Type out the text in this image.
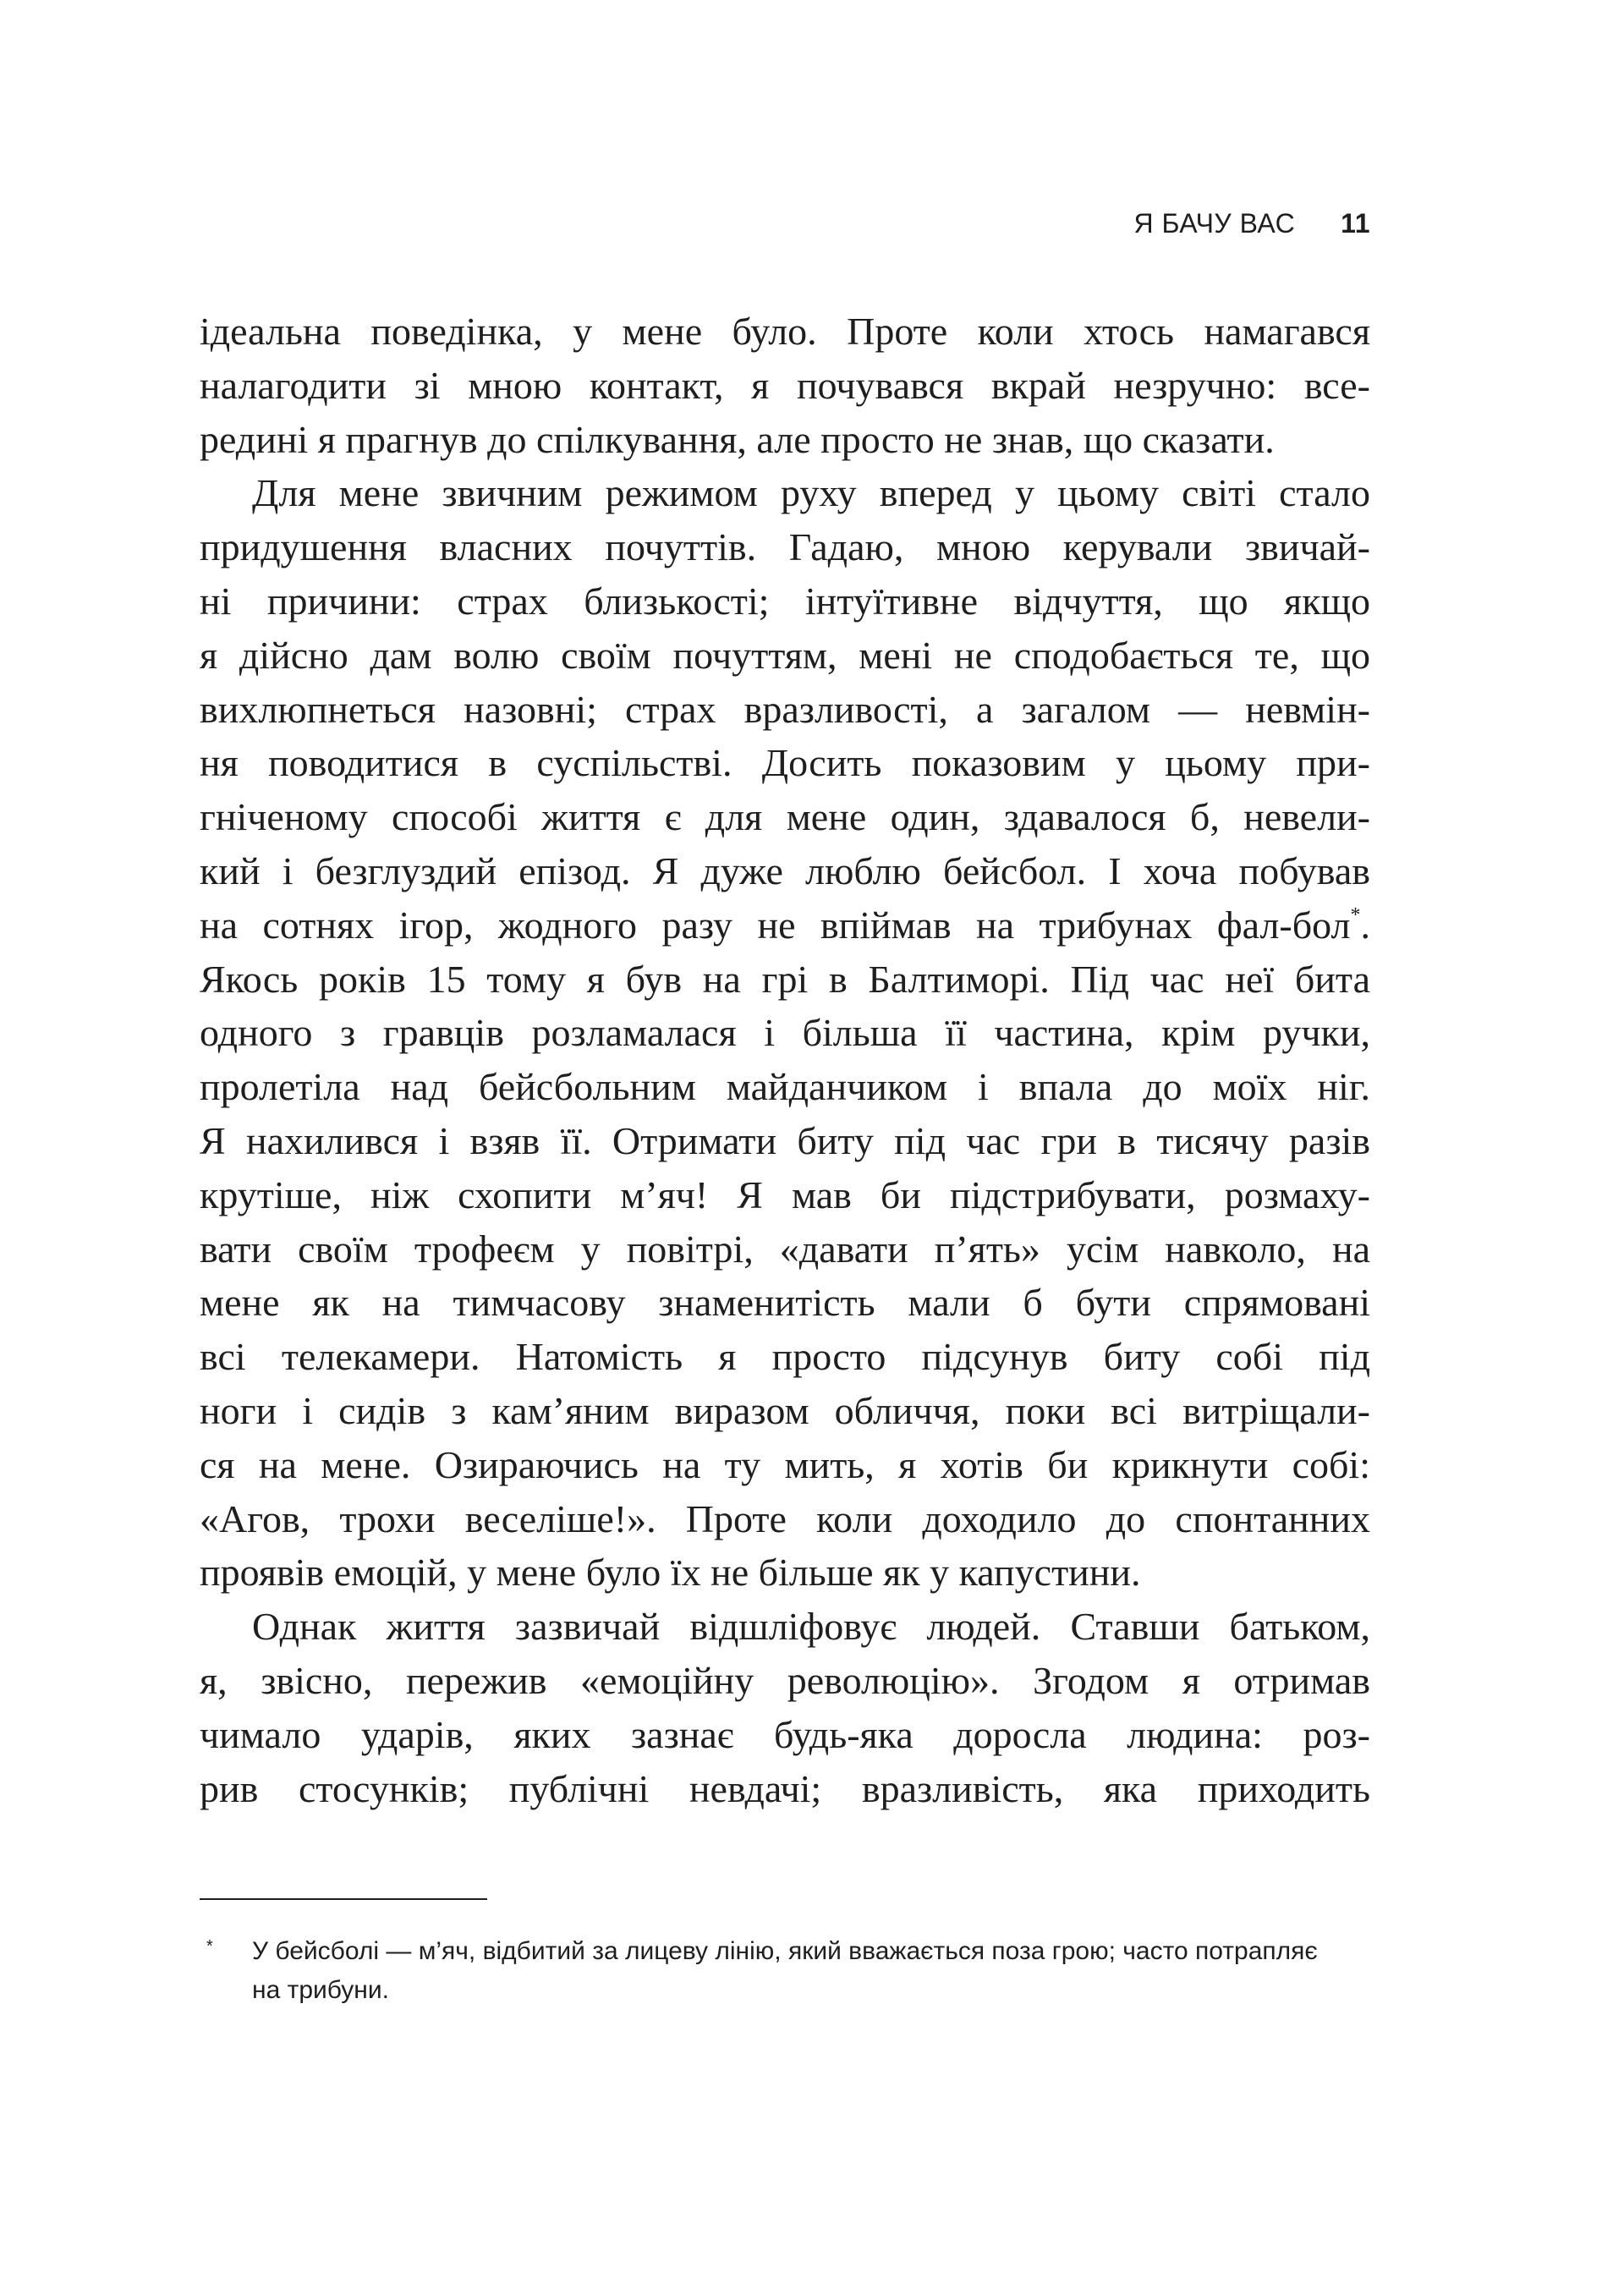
Я БАЧУ ВАС 11

ідеальна поведінка, у мене було. Проте коли хтось намагався
налагодити зі мною контакт, я почувався вкрай незручно: все-
редині я прагнув до спілкування, але просто не знав, що сказати.

Для мене звичним режимом руху вперед у цьому світі стало
придушення власних почуттів. Гадаю, мною керували звичай-
ні причини: страх близькості; інтуїтивне відчуття, що якщо
я дійсно дам волю своїм почуттям, мені не сподобається те, що
вихлюпнеться назовні; страх вразливості, а загалом — невмін-
ня поводитися в суспільстві. Досить показовим у цьому при-
гніченому способі життя є для мене один, здавалося б, невели-
кий і безглуздий епізод. Я дуже люблю бейсбол. І хоча побував
на сотнях ігор, жодного разу не впіймав на трибунах фал-бол*.
Якось років 15 тому я був на грі в Балтиморі. Під час неї бита
одного з гравців розламалася і більша її частина, крім ручки,
пролетіла над бейсбольним майданчиком і впала до моїх ніг.
Я нахилився і взяв її. Отримати биту під час гри в тисячу разів
крутіше, ніж схопити м’яч! Я мав би підстрибувати, розмаху-
вати своїм трофеєм у повітрі, «давати п’ять» усім навколо, на
мене як на тимчасову знаменитість мали б бути спрямовані
всі телекамери. Натомість я просто підсунув биту собі під
ноги і сидів з кам’яним виразом обличчя, поки всі витріщали-
ся на мене. Озираючись на ту мить, я хотів би крикнути собі:
«Агов, трохи веселіше!». Проте коли доходило до спонтанних
проявів емоцій, у мене було їх не більше як у капустини.

Однак життя зазвичай відшліфовує людей. Ставши батьком,
я, звісно, пережив «емоційну революцію». Згодом я отримав
чимало ударів, яких зазнає будь-яка доросла людина: роз-
рив стосунків; публічні невдачі; вразливість, яка приходить

*	У бейсболі — м’яч, відбитий за лицеву лінію, який вважається поза грою; часто потрапляє
на трибуни.
